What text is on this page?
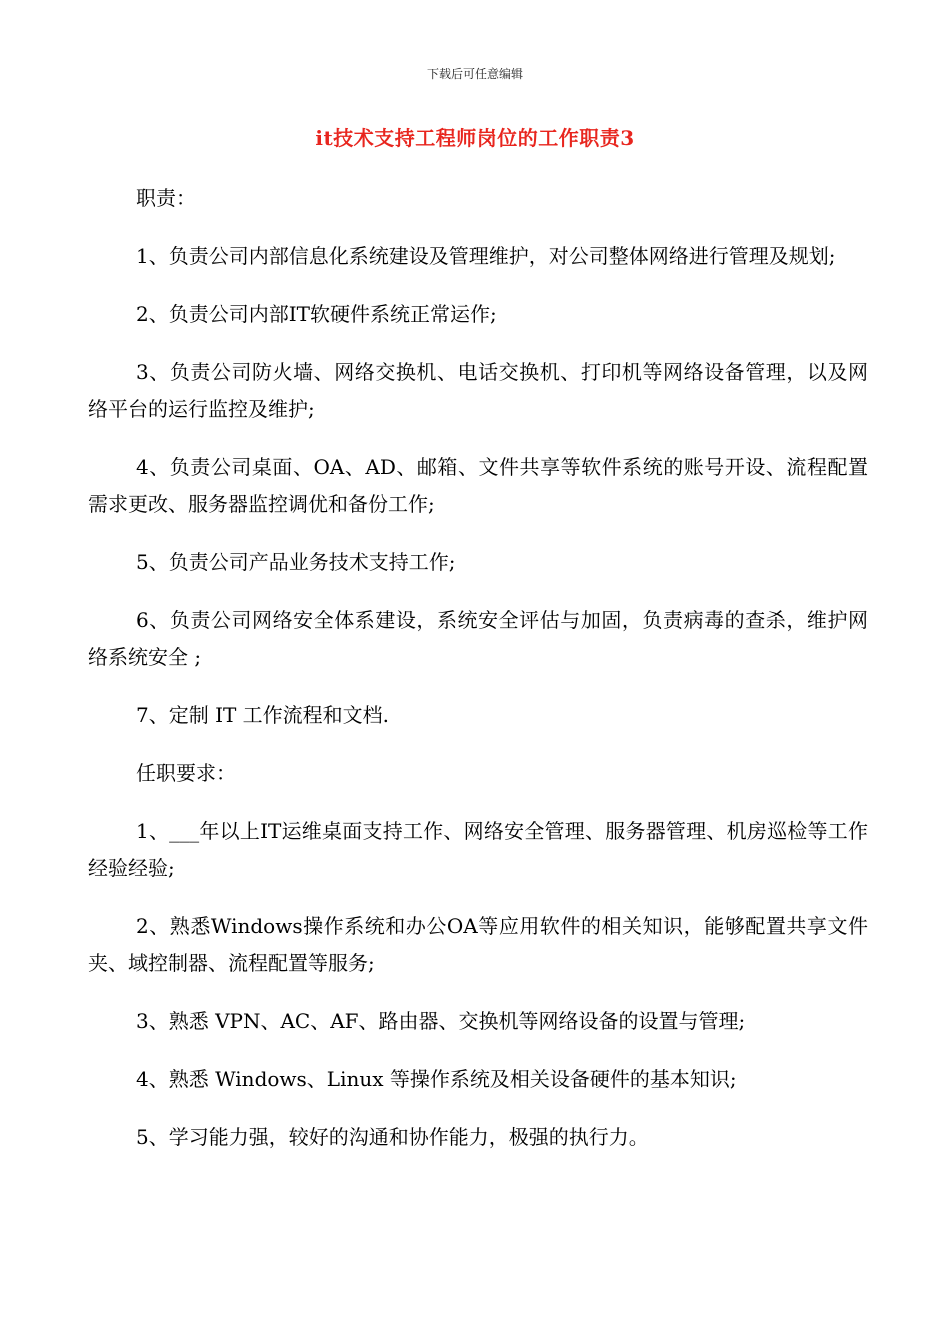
下载后可任意编辑
it技术支持工程师岗位的工作职责3

职责：

1、负责公司内部信息化系统建设及管理维护，对公司整体网络进行管理及规划;

2、负责公司内部IT软硬件系统正常运作;

3、负责公司防火墙、网络交换机、电话交换机、打印机等网络设备管理，以及网络平台的运行监控及维护;

4、负责公司桌面、OA、AD、邮箱、文件共享等软件系统的账号开设、流程配置需求更改、服务器监控调优和备份工作;

5、负责公司产品业务技术支持工作;

6、负责公司网络安全体系建设，系统安全评估与加固，负责病毒的查杀，维护网络系统安全 ;

7、定制 IT 工作流程和文档.

任职要求：

1、___年以上IT运维桌面支持工作、网络安全管理、服务器管理、机房巡检等工作经验经验;

2、熟悉Windows操作系统和办公OA等应用软件的相关知识，能够配置共享文件夹、域控制器、流程配置等服务;

3、熟悉 VPN、AC、AF、路由器、交换机等网络设备的设置与管理;

4、熟悉 Windows、Linux 等操作系统及相关设备硬件的基本知识;

5、学习能力强，较好的沟通和协作能力，极强的执行力。
